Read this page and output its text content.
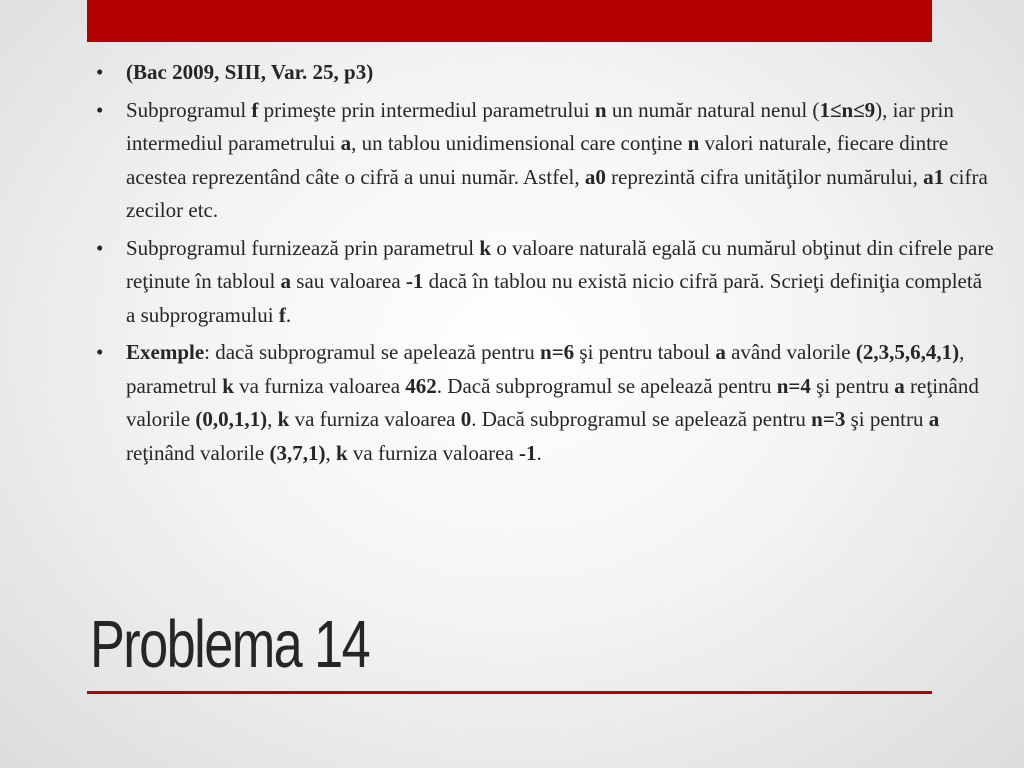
• (Bac 2009, SIII, Var. 25, p3)
• Subprogramul f primeşte prin intermediul parametrului n un număr natural nenul (1≤n≤9), iar prin intermediul parametrului a, un tablou unidimensional care conţine n valori naturale, fiecare dintre acestea reprezentând câte o cifră a unui număr. Astfel, a0 reprezintă cifra unităţilor numărului, a1 cifra zecilor etc.
• Subprogramul furnizează prin parametrul k o valoare naturală egală cu numărul obţinut din cifrele pare reţinute în tabloul a sau valoarea -1 dacă în tablou nu există nicio cifră pară. Scrieţi definiţia completă a subprogramului f.
• Exemple: dacă subprogramul se apelează pentru n=6 şi pentru taboul a având valorile (2,3,5,6,4,1), parametrul k va furniza valoarea 462. Dacă subprogramul se apelează pentru n=4 şi pentru a reţinând valorile (0,0,1,1), k va furniza valoarea 0. Dacă subprogramul se apelează pentru n=3 şi pentru a reţinând valorile (3,7,1), k va furniza valoarea -1.
Problema 14
